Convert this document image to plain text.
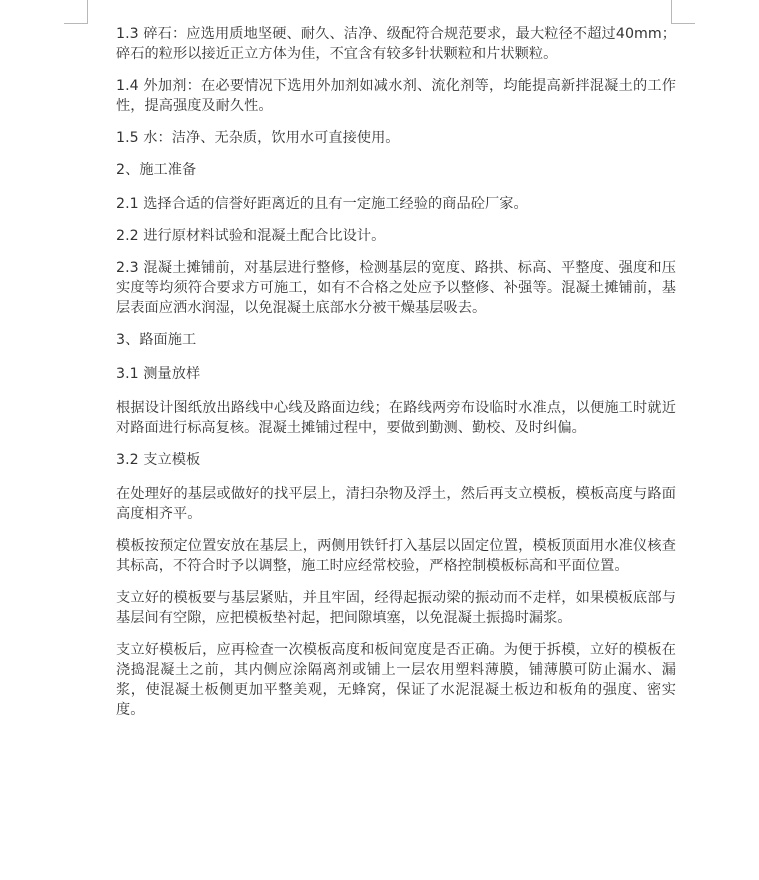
1.3 碎石：应选用质地坚硬、耐久、洁净、级配符合规范要求，最大粒径不超过40mm；碎石的粒形以接近正立方体为佳，不宜含有较多针状颗粒和片状颗粒。

1.4 外加剂：在必要情况下选用外加剂如减水剂、流化剂等，均能提高新拌混凝土的工作性，提高强度及耐久性。

1.5 水：洁净、无杂质，饮用水可直接使用。

2、施工准备

2.1 选择合适的信誉好距离近的且有一定施工经验的商品砼厂家。

2.2 进行原材料试验和混凝土配合比设计。

2.3 混凝土摊铺前，对基层进行整修，检测基层的宽度、路拱、标高、平整度、强度和压实度等均须符合要求方可施工，如有不合格之处应予以整修、补强等。混凝土摊铺前，基层表面应洒水润湿，以免混凝土底部水分被干燥基层吸去。

3、路面施工

3.1 测量放样

根据设计图纸放出路线中心线及路面边线；在路线两旁布设临时水准点，以便施工时就近对路面进行标高复核。混凝土摊铺过程中，要做到勤测、勤校、及时纠偏。

3.2 支立模板

在处理好的基层或做好的找平层上，清扫杂物及浮土，然后再支立模板，模板高度与路面高度相齐平。

模板按预定位置安放在基层上，两侧用铁钎打入基层以固定位置，模板顶面用水准仪核查其标高，不符合时予以调整，施工时应经常校验，严格控制模板标高和平面位置。

支立好的模板要与基层紧贴，并且牢固，经得起振动梁的振动而不走样，如果模板底部与基层间有空隙，应把模板垫衬起，把间隙填塞，以免混凝土振捣时漏浆。

支立好模板后，应再检查一次模板高度和板间宽度是否正确。为便于拆模，立好的模板在浇捣混凝土之前，其内侧应涂隔离剂或铺上一层农用塑料薄膜，铺薄膜可防止漏水、漏浆，使混凝土板侧更加平整美观，无蜂窝，保证了水泥混凝土板边和板角的强度、密实度。
